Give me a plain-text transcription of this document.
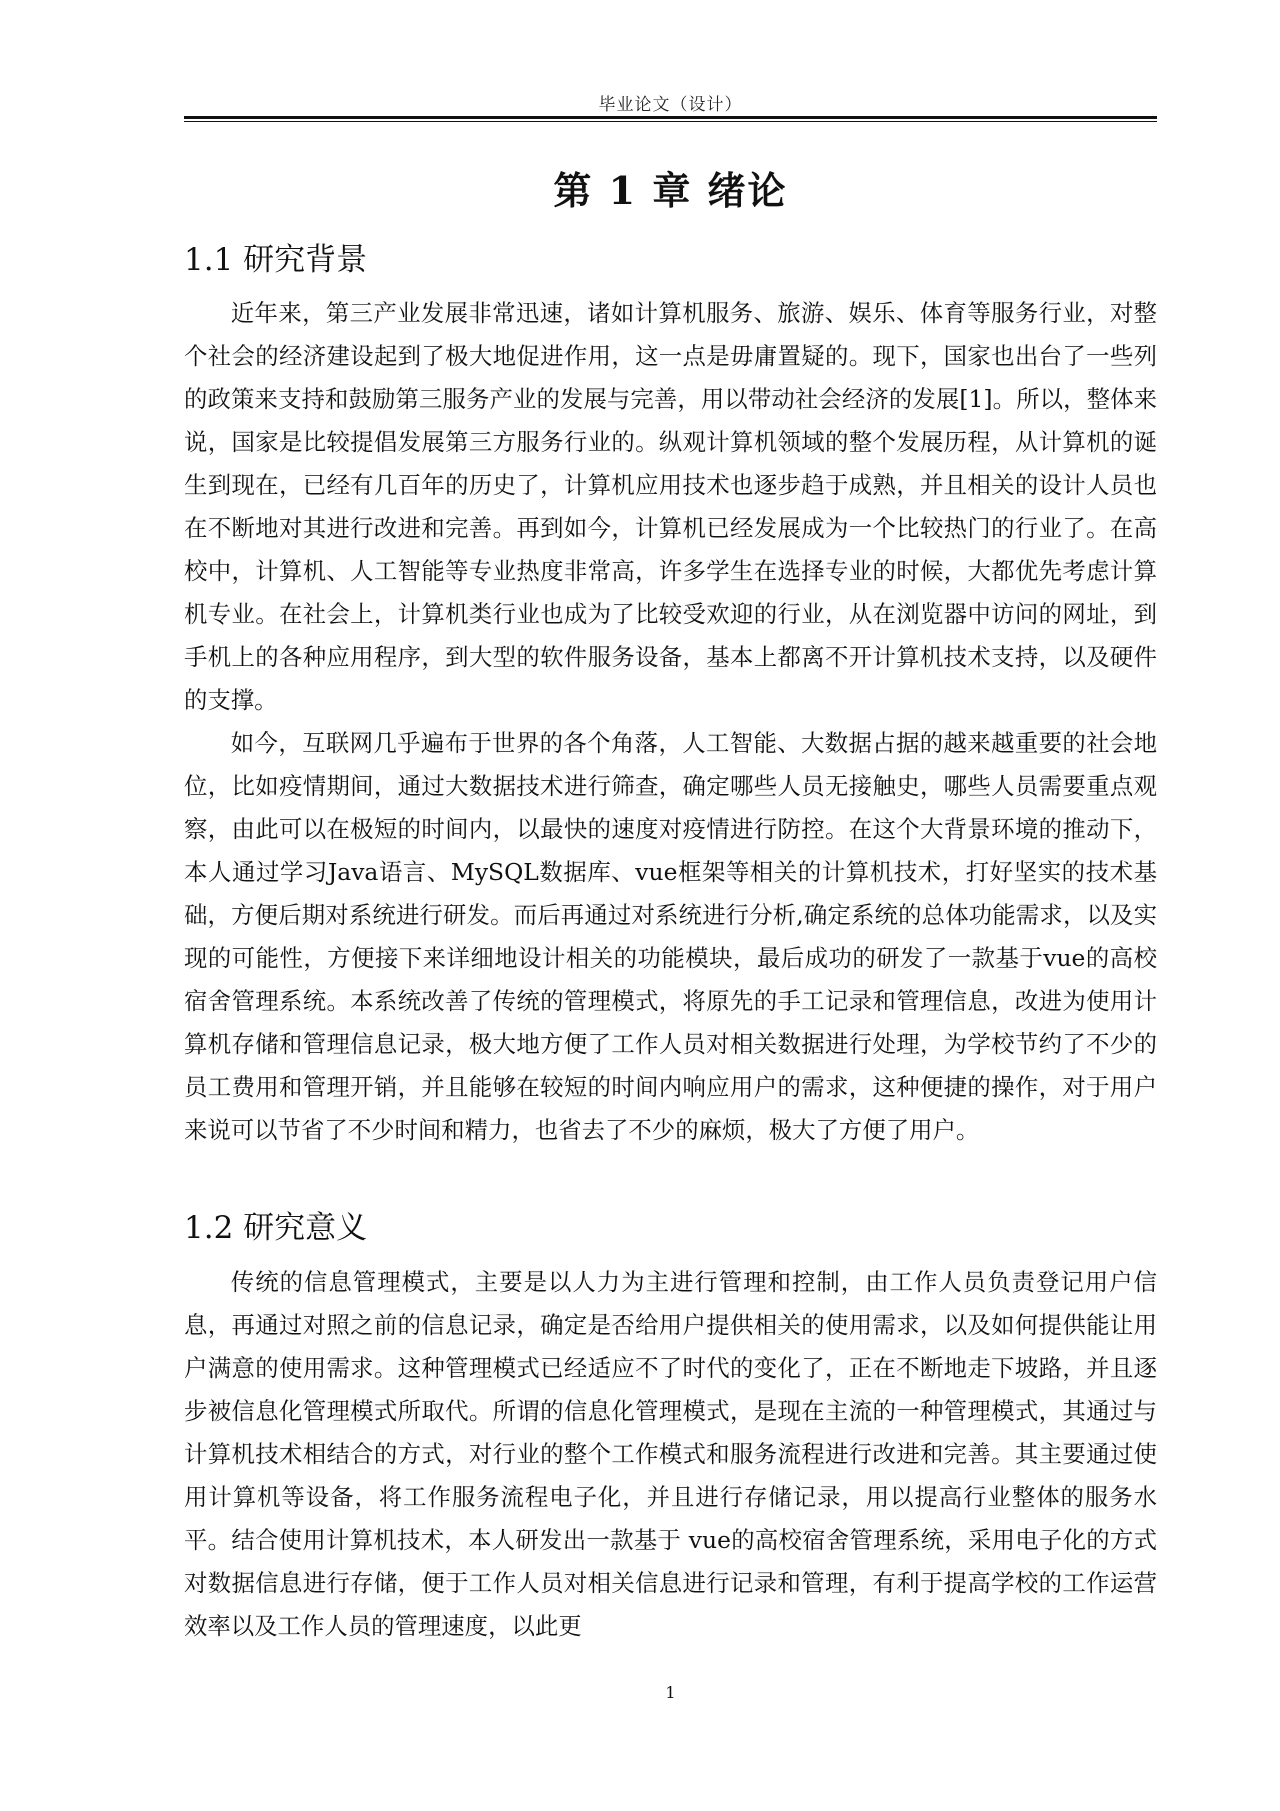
毕业论文（设计）
第 1 章 绪论
1.1 研究背景

近年来，第三产业发展非常迅速，诸如计算机服务、旅游、娱乐、体育等服务行业，对整个社会的经济建设起到了极大地促进作用，这一点是毋庸置疑的。现下，国家也出台了一些列的政策来支持和鼓励第三服务产业的发展与完善，用以带动社会经济的发展[1]。所以，整体来说，国家是比较提倡发展第三方服务行业的。纵观计算机领域的整个发展历程，从计算机的诞生到现在，已经有几百年的历史了，计算机应用技术也逐步趋于成熟，并且相关的设计人员也在不断地对其进行改进和完善。再到如今，计算机已经发展成为一个比较热门的行业了。在高校中，计算机、人工智能等专业热度非常高，许多学生在选择专业的时候，大都优先考虑计算机专业。在社会上，计算机类行业也成为了比较受欢迎的行业，从在浏览器中访问的网址，到手机上的各种应用程序，到大型的软件服务设备，基本上都离不开计算机技术支持，以及硬件的支撑。

如今，互联网几乎遍布于世界的各个角落，人工智能、大数据占据的越来越重要的社会地位，比如疫情期间，通过大数据技术进行筛查，确定哪些人员无接触史，哪些人员需要重点观察，由此可以在极短的时间内，以最快的速度对疫情进行防控。在这个大背景环境的推动下，本人通过学习Java语言、MySQL数据库、vue框架等相关的计算机技术，打好坚实的技术基础，方便后期对系统进行研发。而后再通过对系统进行分析,确定系统的总体功能需求，以及实现的可能性，方便接下来详细地设计相关的功能模块，最后成功的研发了一款基于vue的高校宿舍管理系统。本系统改善了传统的管理模式，将原先的手工记录和管理信息，改进为使用计算机存储和管理信息记录，极大地方便了工作人员对相关数据进行处理，为学校节约了不少的员工费用和管理开销，并且能够在较短的时间内响应用户的需求，这种便捷的操作，对于用户来说可以节省了不少时间和精力，也省去了不少的麻烦，极大了方便了用户。

1.2 研究意义

传统的信息管理模式，主要是以人力为主进行管理和控制，由工作人员负责登记用户信息，再通过对照之前的信息记录，确定是否给用户提供相关的使用需求，以及如何提供能让用户满意的使用需求。这种管理模式已经适应不了时代的变化了，正在不断地走下坡路，并且逐步被信息化管理模式所取代。所谓的信息化管理模式，是现在主流的一种管理模式，其通过与计算机技术相结合的方式，对行业的整个工作模式和服务流程进行改进和完善。其主要通过使用计算机等设备，将工作服务流程电子化，并且进行存储记录，用以提高行业整体的服务水平。结合使用计算机技术，本人研发出一款基于 vue的高校宿舍管理系统，采用电子化的方式对数据信息进行存储，便于工作人员对相关信息进行记录和管理，有利于提高学校的工作运营效率以及工作人员的管理速度，以此更

1
